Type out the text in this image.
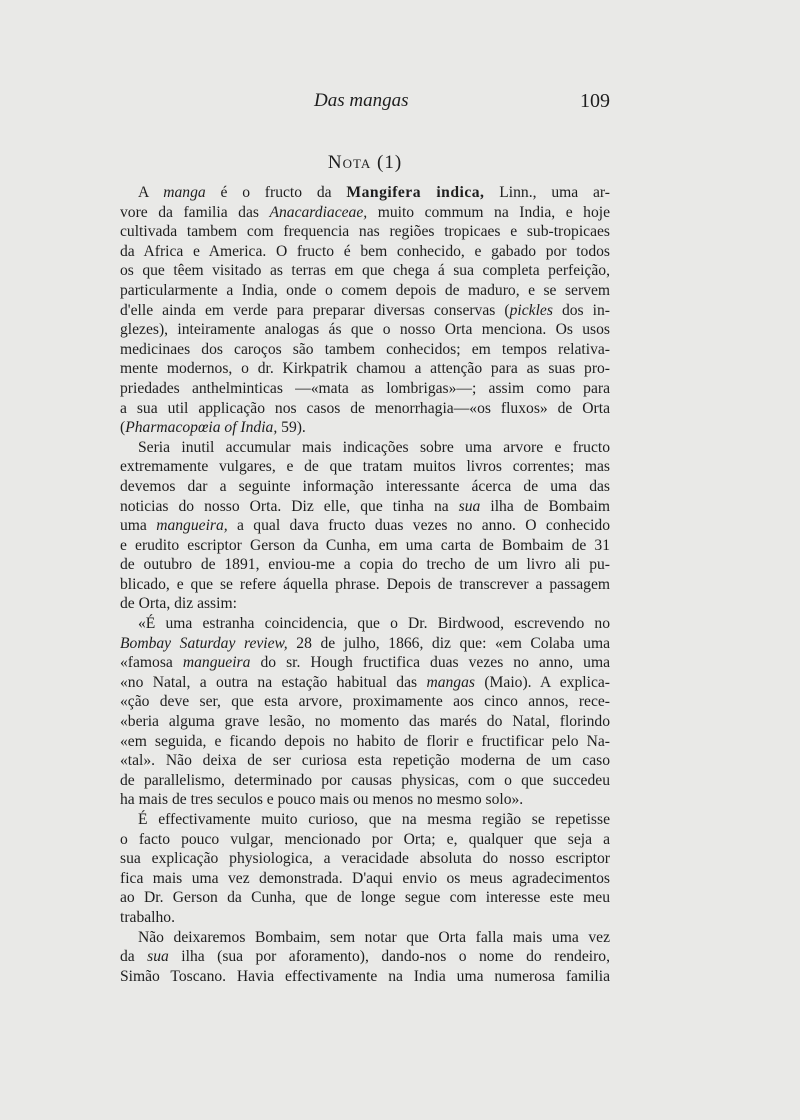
Das mangas	109
Nota (1)
A manga é o fructo da Mangifera indica, Linn., uma ar-
vore da familia das Anacardiaceae, muito commum na India, e hoje
cultivada tambem com frequencia nas regiões tropicaes e sub-tropicaes
da Africa e America. O fructo é bem conhecido, e gabado por todos
os que têem visitado as terras em que chega á sua completa perfeição,
particularmente a India, onde o comem depois de maduro, e se servem
d'elle ainda em verde para preparar diversas conservas (pickles dos in-
glezes), inteiramente analogas ás que o nosso Orta menciona. Os usos
medicinaes dos caroços são tambem conhecidos; em tempos relativa-
mente modernos, o dr. Kirkpatrik chamou a attenção para as suas pro-
priedades anthelminticas —«mata as lombrigas»—; assim como para
a sua util applicação nos casos de menorrhagia—«os fluxos» de Orta
(Pharmacopœia of India, 59).
Seria inutil accumular mais indicações sobre uma arvore e fructo
extremamente vulgares, e de que tratam muitos livros correntes; mas
devemos dar a seguinte informação interessante ácerca de uma das
noticias do nosso Orta. Diz elle, que tinha na sua ilha de Bombaim
uma mangueira, a qual dava fructo duas vezes no anno. O conhecido
e erudito escriptor Gerson da Cunha, em uma carta de Bombaim de 31
de outubro de 1891, enviou-me a copia do trecho de um livro ali pu-
blicado, e que se refere áquella phrase. Depois de transcrever a passagem
de Orta, diz assim:
«É uma estranha coincidencia, que o Dr. Birdwood, escrevendo no
Bombay Saturday review, 28 de julho, 1866, diz que: «em Colaba uma
«famosa mangueira do sr. Hough fructifica duas vezes no anno, uma
«no Natal, a outra na estação habitual das mangas (Maio). A explica-
«ção deve ser, que esta arvore, proximamente aos cinco annos, rece-
«beria alguma grave lesão, no momento das marés do Natal, florindo
«em seguida, e ficando depois no habito de florir e fructificar pelo Na-
«tal». Não deixa de ser curiosa esta repetição moderna de um caso
de parallelismo, determinado por causas physicas, com o que succedeu
ha mais de tres seculos e pouco mais ou menos no mesmo solo».
É effectivamente muito curioso, que na mesma região se repetisse
o facto pouco vulgar, mencionado por Orta; e, qualquer que seja a
sua explicação physiologica, a veracidade absoluta do nosso escriptor
fica mais uma vez demonstrada. D'aqui envio os meus agradecimentos
ao Dr. Gerson da Cunha, que de longe segue com interesse este meu
trabalho.
Não deixaremos Bombaim, sem notar que Orta falla mais uma vez
da sua ilha (sua por aforamento), dando-nos o nome do rendeiro,
Simão Toscano. Havia effectivamente na India uma numerosa familia
